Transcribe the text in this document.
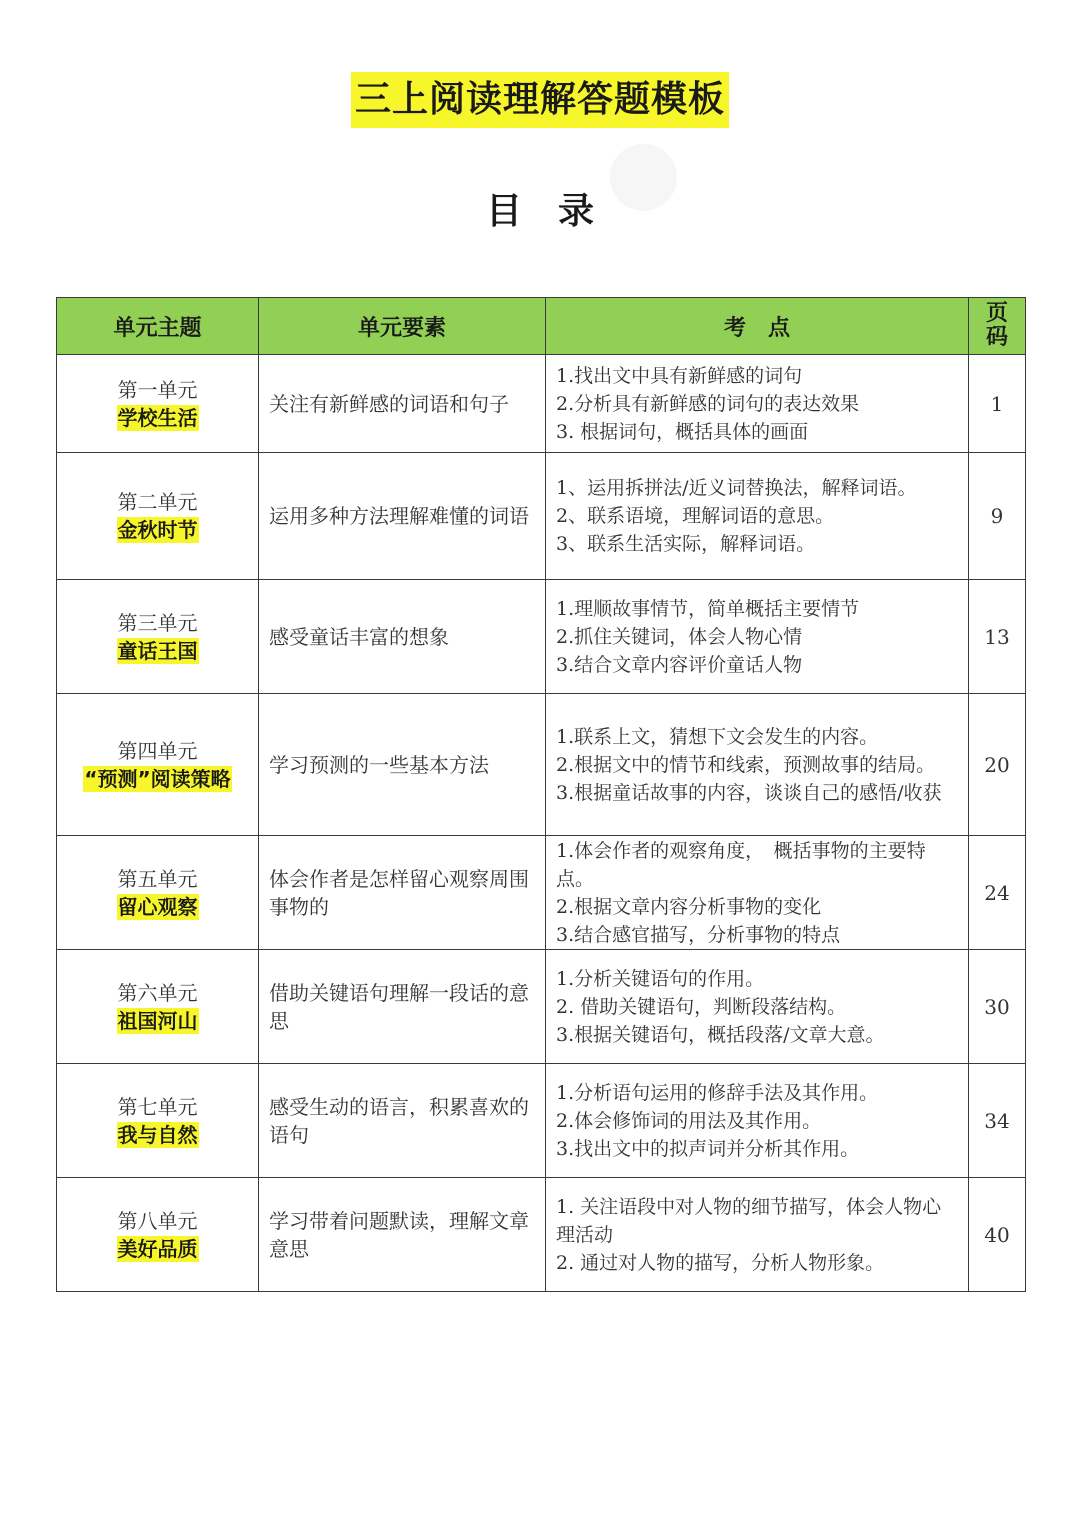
三上阅读理解答题模板
目　录
单元主题	单元要素	考　点	页码

第一单元
学校生活	关注有新鲜感的词语和句子	1.找出文中具有新鲜感的词句
2.分析具有新鲜感的词句的表达效果
3. 根据词句，概括具体的画面	1

第二单元
金秋时节	运用多种方法理解难懂的词语	1、运用拆拼法/近义词替换法，解释词语。
2、联系语境，理解词语的意思。
3、联系生活实际，解释词语。	9

第三单元
童话王国	感受童话丰富的想象	1.理顺故事情节，简单概括主要情节
2.抓住关键词，体会人物心情
3.结合文章内容评价童话人物	13

第四单元
“预测”阅读策略	学习预测的一些基本方法	1.联系上文，猜想下文会发生的内容。
2.根据文中的情节和线索，预测故事的结局。
3.根据童话故事的内容，谈谈自己的感悟/收获	20

第五单元
留心观察	体会作者是怎样留心观察周围事物的	1.体会作者的观察角度，　概括事物的主要特点。
2.根据文章内容分析事物的变化
3.结合感官描写，分析事物的特点	24

第六单元
祖国河山	借助关键语句理解一段话的意思	1.分析关键语句的作用。
2. 借助关键语句，判断段落结构。
3.根据关键语句，概括段落/文章大意。	30

第七单元
我与自然	感受生动的语言，积累喜欢的语句	1.分析语句运用的修辞手法及其作用。
2.体会修饰词的用法及其作用。
3.找出文中的拟声词并分析其作用。	34

第八单元
美好品质	学习带着问题默读，理解文章意思	1. 关注语段中对人物的细节描写，体会人物心理活动
2. 通过对人物的描写，分析人物形象。	40
